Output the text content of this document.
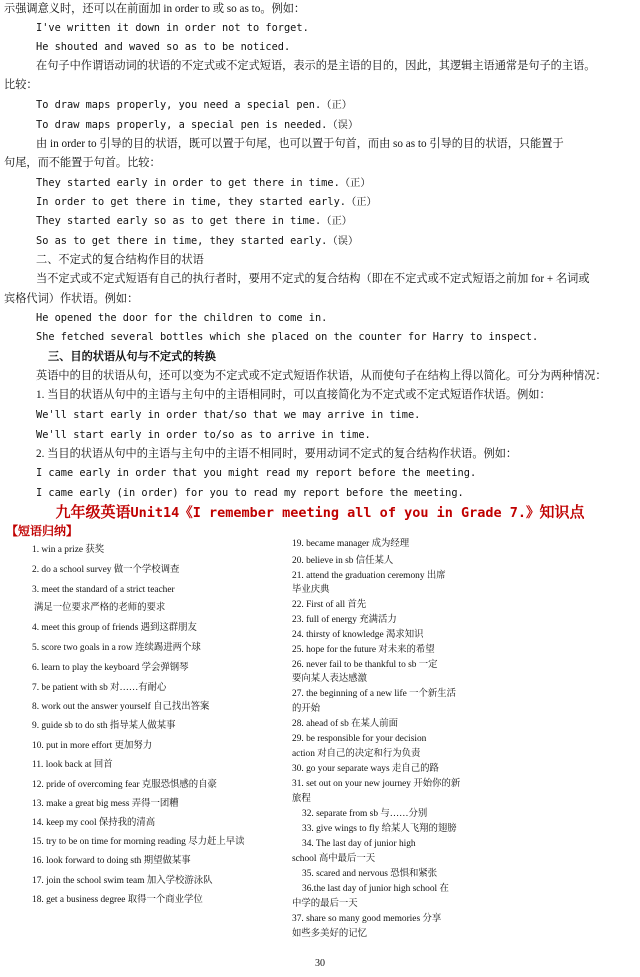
示强调意义时，还可以在前面加 in order to 或 so as to。例如：
I've written it down in order not to forget.
He shouted and waved so as to be noticed.
在句子中作谓语动词的状语的不定式或不定式短语，表示的是主语的目的，因此，其逻辑主语通常是句子的主语。
比较：
To draw maps properly, you need a special pen.（正）
To draw maps properly, a special pen is needed.（误）
由 in order to 引导的目的状语，既可以置于句尾，也可以置于句首，而由 so as to 引导的目的状语，只能置于
句尾，而不能置于句首。比较：
They started early in order to get there in time.（正）
In order to get there in time, they started early.（正）
They started early so as to get there in time.（正）
So as to get there in time, they started early.（误）
二、不定式的复合结构作目的状语
当不定式或不定式短语有自己的执行者时，要用不定式的复合结构（即在不定式或不定式短语之前加 for + 名词或
宾格代词）作状语。例如：
He opened the door for the children to come in.
She fetched several bottles which she placed on the counter for Harry to inspect.
三、目的状语从句与不定式的转换
英语中的目的状语从句，还可以变为不定式或不定式短语作状语，从而使句子在结构上得以简化。可分为两种情况：
1. 当目的状语从句中的主语与主句中的主语相同时，可以直接简化为不定式或不定式短语作状语。例如：
We'll start early in order that/so that we may arrive in time.
We'll start early in order to/so as to arrive in time.
2. 当目的状语从句中的主语与主句中的主语不相同时，要用动词不定式的复合结构作状语。例如：
I came early in order that you might read my report before the meeting.
I came early (in order) for you to read my report before the meeting.
九年级英语Unit14《I remember meeting all of you in Grade 7.》知识点
【短语归纳】
1. win a prize 获奖
2. do a school survey 做一个学校调查
3. meet the standard of a strict teacher
满足一位要求严格的老师的要求
4. meet this group of friends 遇到这群朋友
5. score two goals in a row 连续踢进两个球
6. learn to play the keyboard 学会弹钢琴
7. be patient with sb 对……有耐心
8. work out the answer yourself 自己找出答案
9. guide sb to do sth 指导某人做某事
10. put in more effort 更加努力
11. look back at 回首
12. pride of overcoming fear 克服恐惧感的自豪
13. make a great big mess 弄得一团糟
14. keep my cool 保持我的清高
15. try to be on time for morning reading 尽力赶上早读
16. look forward to doing sth 期望做某事
17. join the school swim team 加入学校游泳队
18. get a business degree 取得一个商业学位
19. became manager 成为经理
20. believe in sb 信任某人
21. attend the graduation ceremony 出席
毕业庆典
22. First of all 首先
23. full of energy 充满活力
24. thirsty of knowledge 渴求知识
25. hope for the future 对未来的希望
26. never fail to be thankful to sb 一定
要向某人表达感激
27. the beginning of a new life 一个新生活
的开始
28. ahead of sb 在某人前面
29. be responsible for your decision
action 对自己的决定和行为负责
30. go your separate ways 走自己的路
31. set out on your new journey 开始你的新
旅程
32. separate from sb 与……分别
33. give wings to fly 给某人飞翔的翅膀
34. The last day of junior high
school 高中最后一天
35. scared and nervous 恐惧和紧张
36.the last day of junior high school 在
中学的最后一天
37. share so many good memories 分享
如些多美好的记忆
30
